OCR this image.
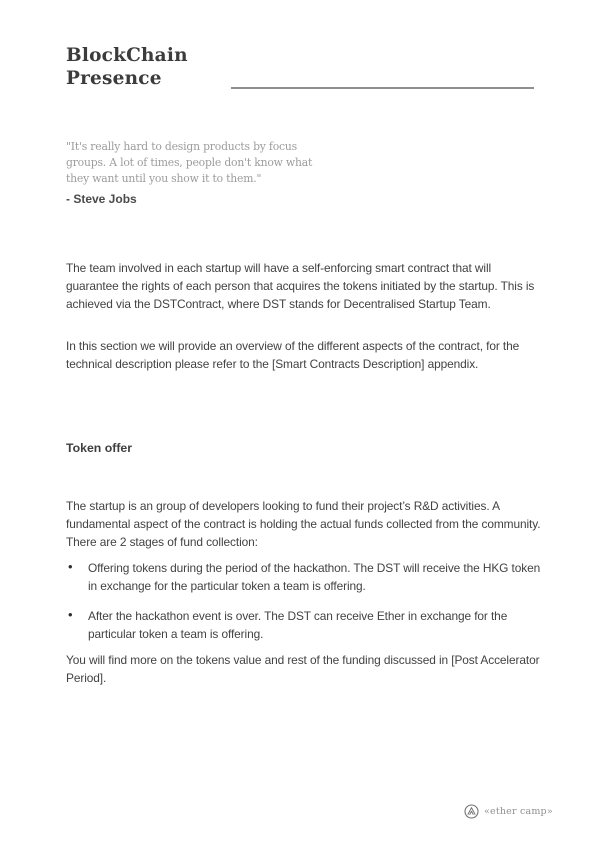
BlockChain
Presence
"It's really hard to design products by focus groups. A lot of times, people don't know what they want until you show it to them."

- Steve Jobs

The team involved in each startup will have a self-enforcing smart contract that will guarantee the rights of each person that acquires the tokens initiated by the startup. This is achieved via the DSTContract, where DST stands for Decentralised Startup Team.

In this section we will provide an overview of the different aspects of the contract, for the technical description please refer to the [Smart Contracts Description] appendix.

Token offer

The startup is an group of developers looking to fund their project’s R&D activities. A fundamental aspect of the contract is holding the actual funds collected from the community. There are 2 stages of fund collection:

• Offering tokens during the period of the hackathon. The DST will receive the HKG token in exchange for the particular token a team is offering.
• After the hackathon event is over. The DST can receive Ether in exchange for the particular token a team is offering.

You will find more on the tokens value and rest of the funding discussed in [Post Accelerator Period].

«ether camp»
